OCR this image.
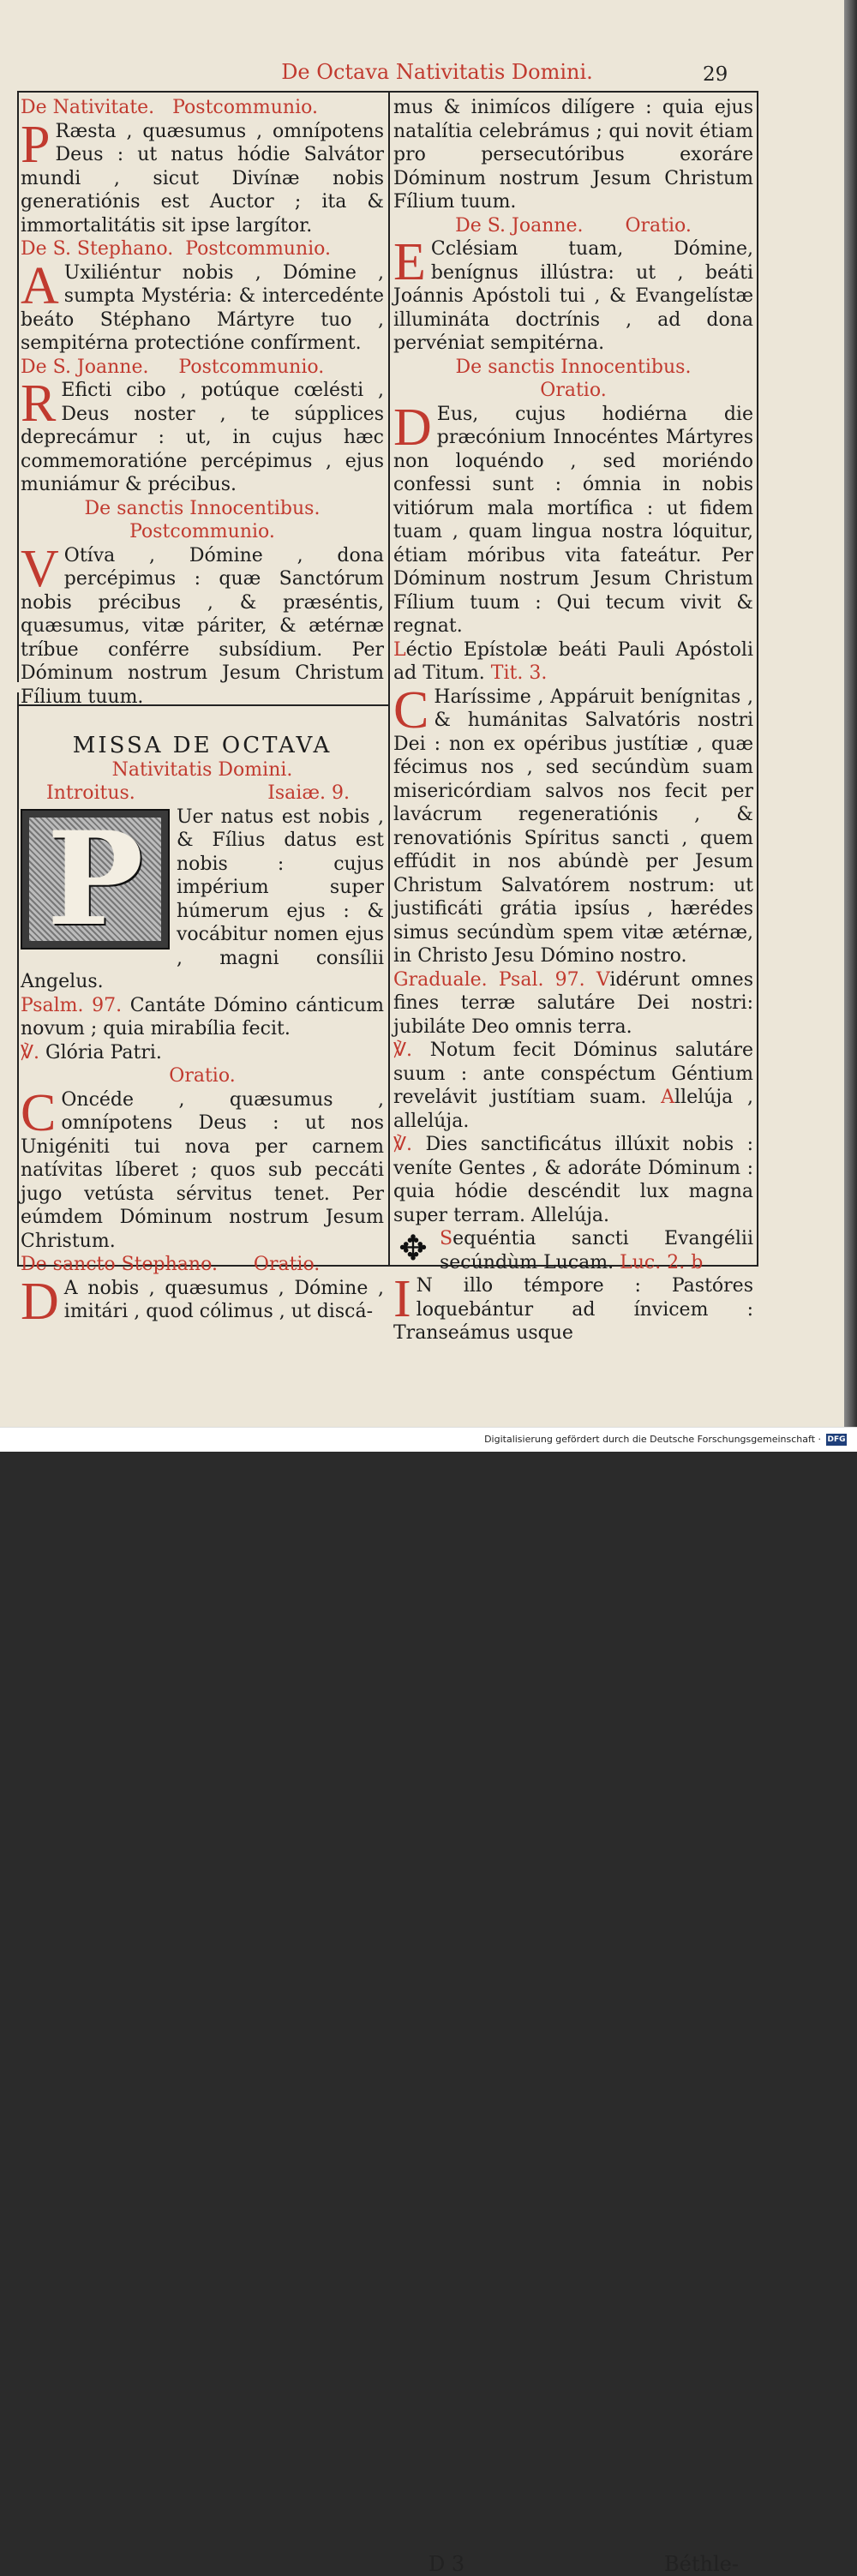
De Octava Nativitatis Domini.	29
De Nativitate.   Postcommunio.
P Ræsta , quæsumus , omnípotens Deus : ut natus hódie Salvátor mundi , sicut Divínæ nobis generatiónis est Auctor ; ita & immortalitátis sit ipse largítor.
De S. Stephano.  Postcommunio.
A Uxiliéntur nobis , Dómine , sumpta Mystéria: & intercedénte beáto Stéphano Mártyre tuo , sempitérna protectióne confírment.
De S. Joanne.     Postcommunio.
R Eficti cibo , potúque cœlésti , Deus noster , te súpplices deprecámur : ut, in cujus hæc commemoratióne percépimus , ejus muniámur & précibus.
De sanctis Innocentibus.
Postcommunio.
V Otíva , Dómine , dona percépimus : quæ Sanctórum nobis précibus , & præséntis, quæsumus, vitæ páriter, & ætérnæ tríbue conférre subsídium. Per Dóminum nostrum Jesum Christum Fílium tuum.
MISSA DE OCTAVA
Nativitatis Domini.
Introitus.	Isaiæ. 9.
P	Uer natus est nobis , & Fílius datus est nobis : cujus impérium super húmerum ejus : & vocábitur nomen ejus , magni consílii Angelus.
Psalm. 97. Cantáte Dómino cánticum novum ; quia mirabília fecit.
℣. Glória Patri.
Oratio.
C Oncéde , quæsumus , omnípotens Deus : ut nos Unigéniti tui nova per carnem natívitas líberet ; quos sub peccáti jugo vetústa sérvitus tenet. Per eúmdem Dóminum nostrum Jesum Christum.
De sancto Stephano.      Oratio.
D A nobis , quæsumus , Dómine , imitári , quod cólimus , ut discá-
mus & inimícos dilígere : quia ejus natalítia celebrámus ; qui novit étiam pro persecutóribus exoráre Dóminum nostrum Jesum Christum Fílium tuum.
De S. Joanne.       Oratio.
E Cclésiam tuam, Dómine, benígnus illústra: ut , beáti Joánnis Apóstoli tui , & Evangelístæ illumináta doctrínis , ad dona pervéniat sempitérna.
De sanctis Innocentibus.
Oratio.
D Eus, cujus hodiérna die præcónium Innocéntes Mártyres non loquéndo , sed moriéndo confessi sunt : ómnia in nobis vitiórum mala mortífica : ut fidem tuam , quam lingua nostra lóquitur, étiam móribus vita fateátur. Per Dóminum nostrum Jesum Christum Fílium tuum : Qui tecum vivit & regnat.
Léctio Epístolæ beáti Pauli Apóstoli ad Titum. Tit. 3.
C Haríssime , Appáruit benígnitas , & humánitas Salvatóris nostri Dei : non ex opéribus justítiæ , quæ fécimus nos , sed secúndùm suam misericórdiam salvos nos fecit per lavácrum regeneratiónis , & renovatiónis Spíritus sancti , quem effúdit in nos abúndè per Jesum Christum Salvatórem nostrum: ut justificáti grátia ipsíus , hærédes simus secúndùm spem vitæ ætérnæ, in Christo Jesu Dómino nostro.
Graduale. Psal. 97. Vidérunt omnes fines terræ salutáre Dei nostri: jubiláte Deo omnis terra.
℣. Notum fecit Dóminus salutáre suum : ante conspéctum Géntium revelávit justítiam suam. Allelúja , allelúja.
℣. Dies sanctificátus illúxit nobis : veníte Gentes , & adoráte Dóminum : quia hódie descéndit lux magna super terram. Allelúja.
✥ Sequéntia sancti Evangélii secúndùm Lucam. Luc. 2. b
I N illo témpore : Pastóres loquebántur ad ínvicem : Transeámus usque
D 3	Béthle-
Digitalisierung gefördert durch die Deutsche Forschungsgemeinschaft · DFG
